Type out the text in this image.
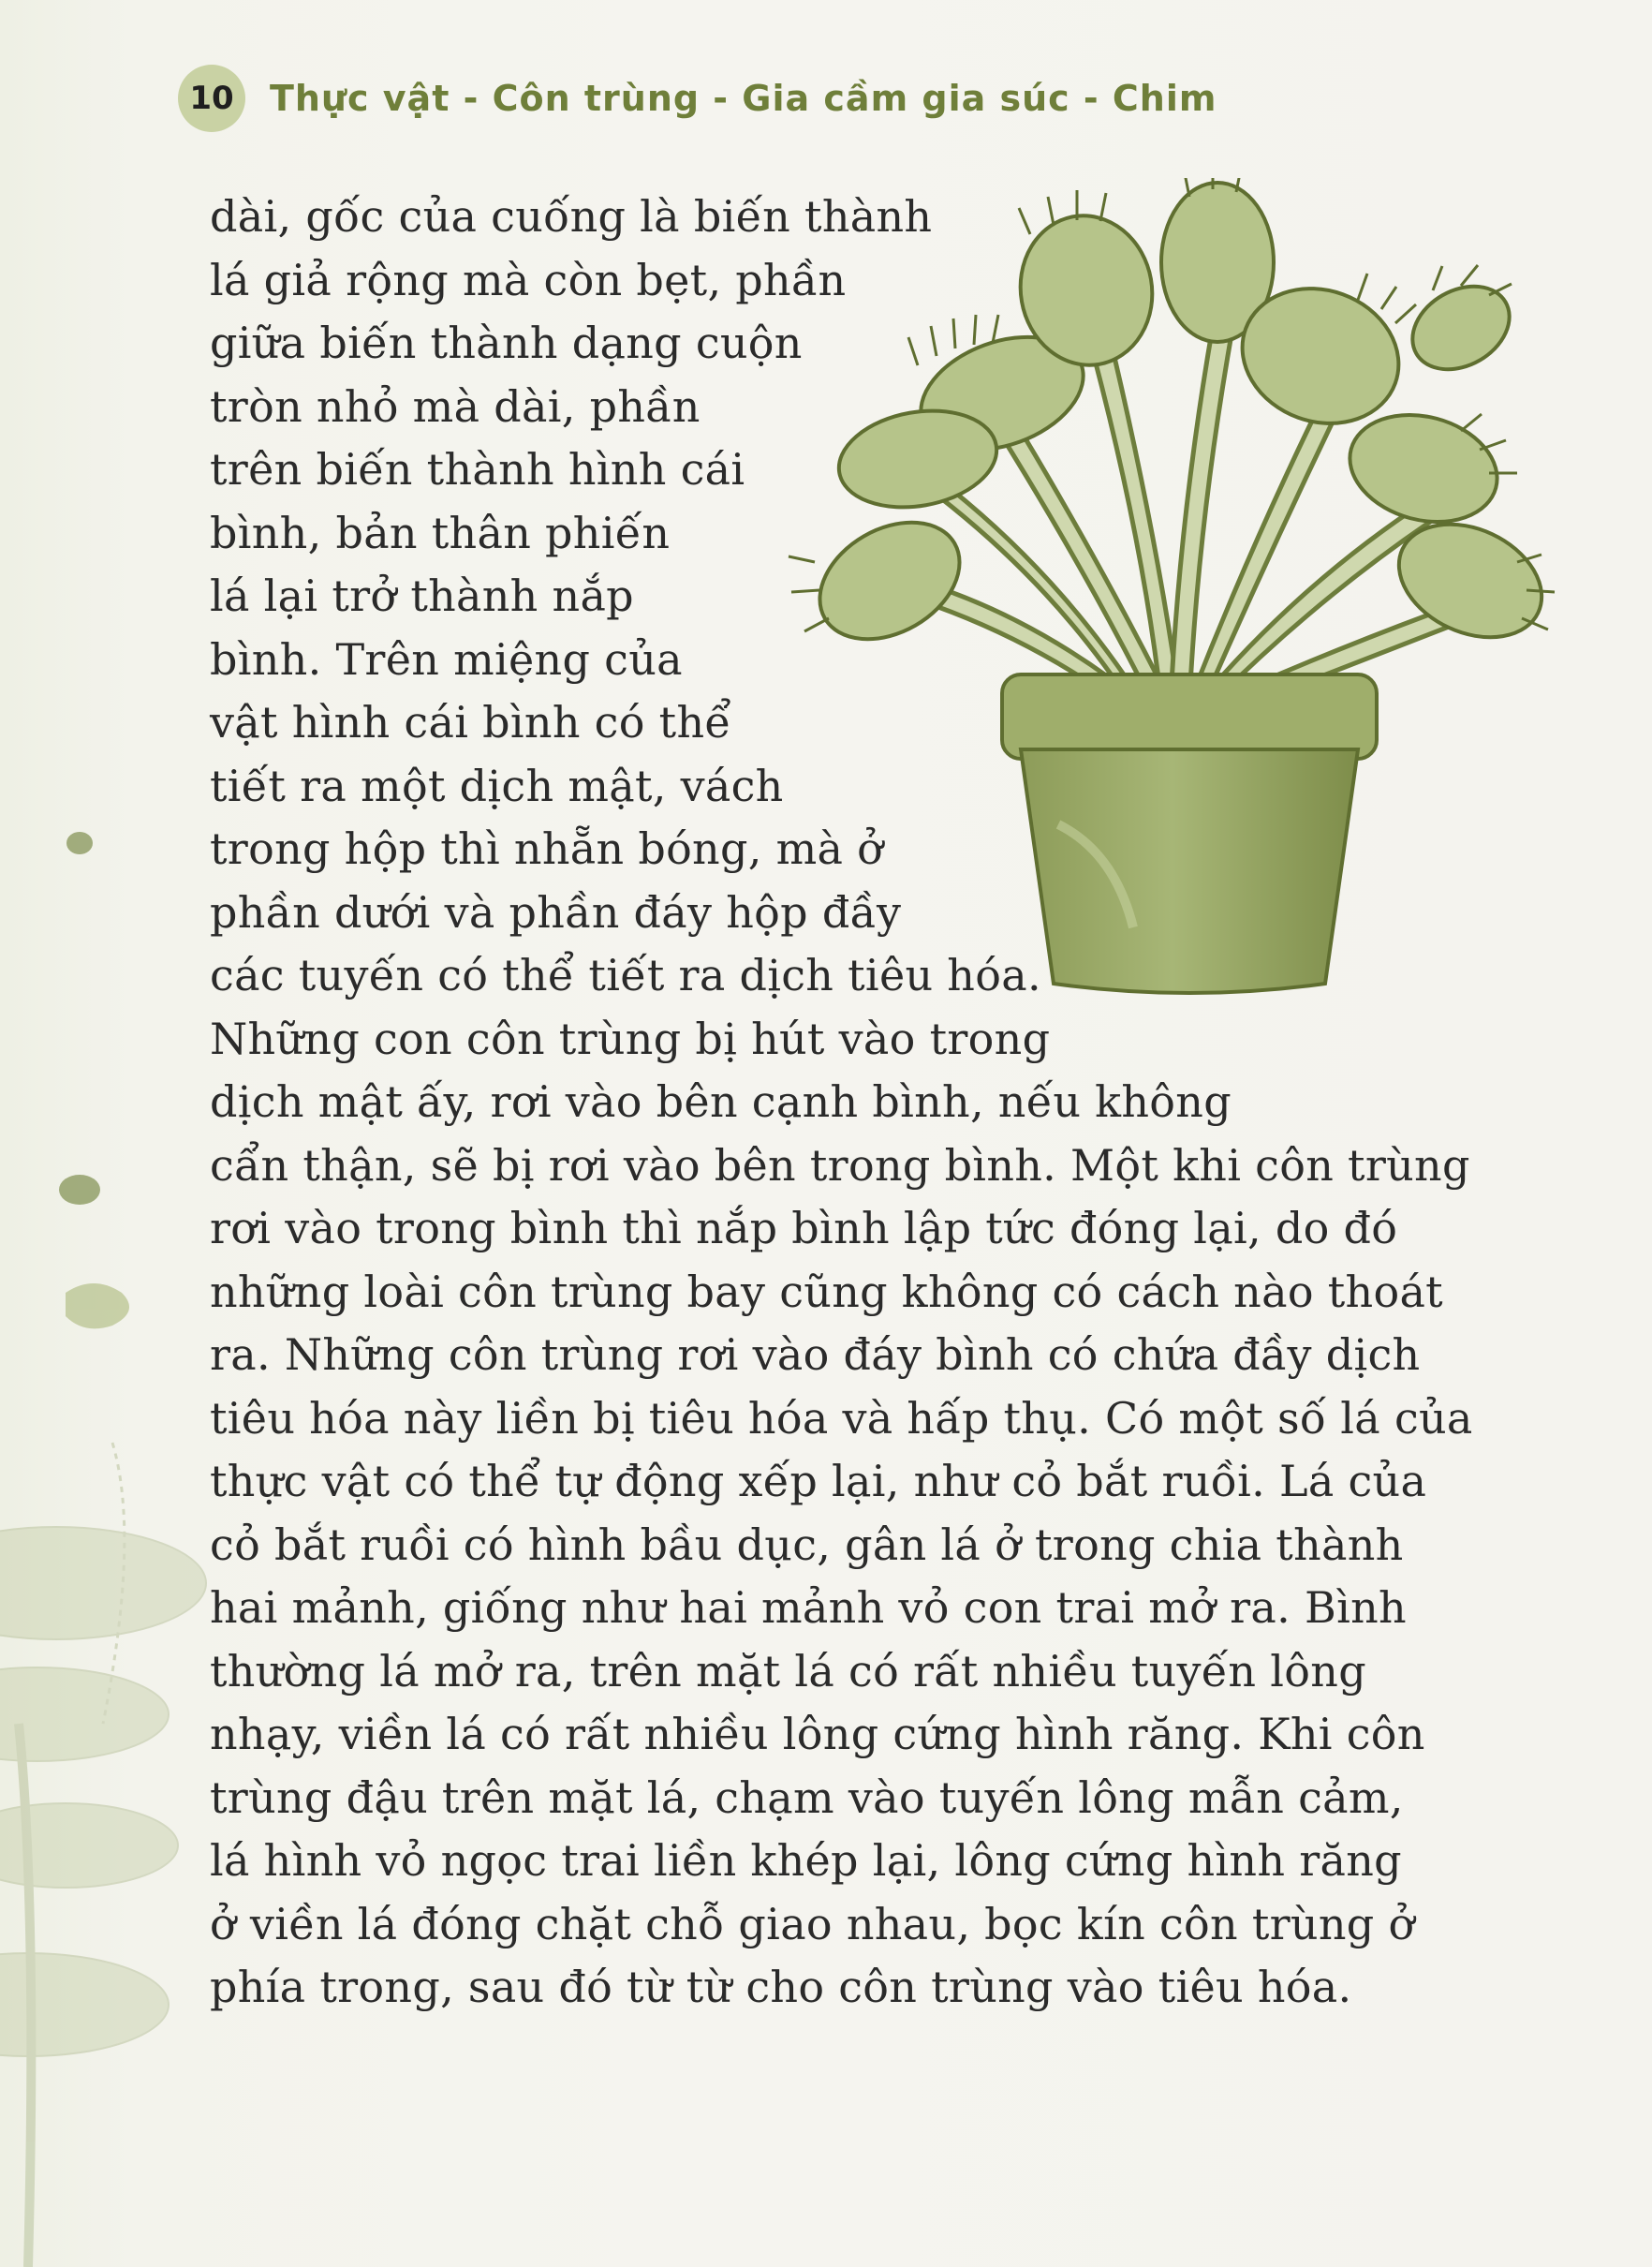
10	Thực vật - Côn trùng - Gia cầm gia súc - Chim
dài, gốc của cuống là biến thành
lá giả rộng mà còn bẹt, phần
giữa biến thành dạng cuộn
tròn nhỏ mà dài, phần
trên biến thành hình cái
bình, bản thân phiến
lá lại trở thành nắp
bình. Trên miệng của
vật hình cái bình có thể
tiết ra một dịch mật, vách
trong hộp thì nhẵn bóng, mà ở
phần dưới và phần đáy hộp đầy
các tuyến có thể tiết ra dịch tiêu hóa.
Những con côn trùng bị hút vào trong
dịch mật ấy, rơi vào bên cạnh bình, nếu không
cẩn thận, sẽ bị rơi vào bên trong bình. Một khi côn trùng
rơi vào trong bình thì nắp bình lập tức đóng lại, do đó
những loài côn trùng bay cũng không có cách nào thoát
ra. Những côn trùng rơi vào đáy bình có chứa đầy dịch
tiêu hóa này liền bị tiêu hóa và hấp thụ. Có một số lá của
thực vật có thể tự động xếp lại, như cỏ bắt ruồi. Lá của
cỏ bắt ruồi có hình bầu dục, gân lá ở trong chia thành
hai mảnh, giống như hai mảnh vỏ con trai mở ra. Bình
thường lá mở ra, trên mặt lá có rất nhiều tuyến lông
nhạy, viền lá có rất nhiều lông cứng hình răng. Khi côn
trùng đậu trên mặt lá, chạm vào tuyến lông mẫn cảm,
lá hình vỏ ngọc trai liền khép lại, lông cứng hình răng
ở viền lá đóng chặt chỗ giao nhau, bọc kín côn trùng ở
phía trong, sau đó từ từ cho côn trùng vào tiêu hóa.
